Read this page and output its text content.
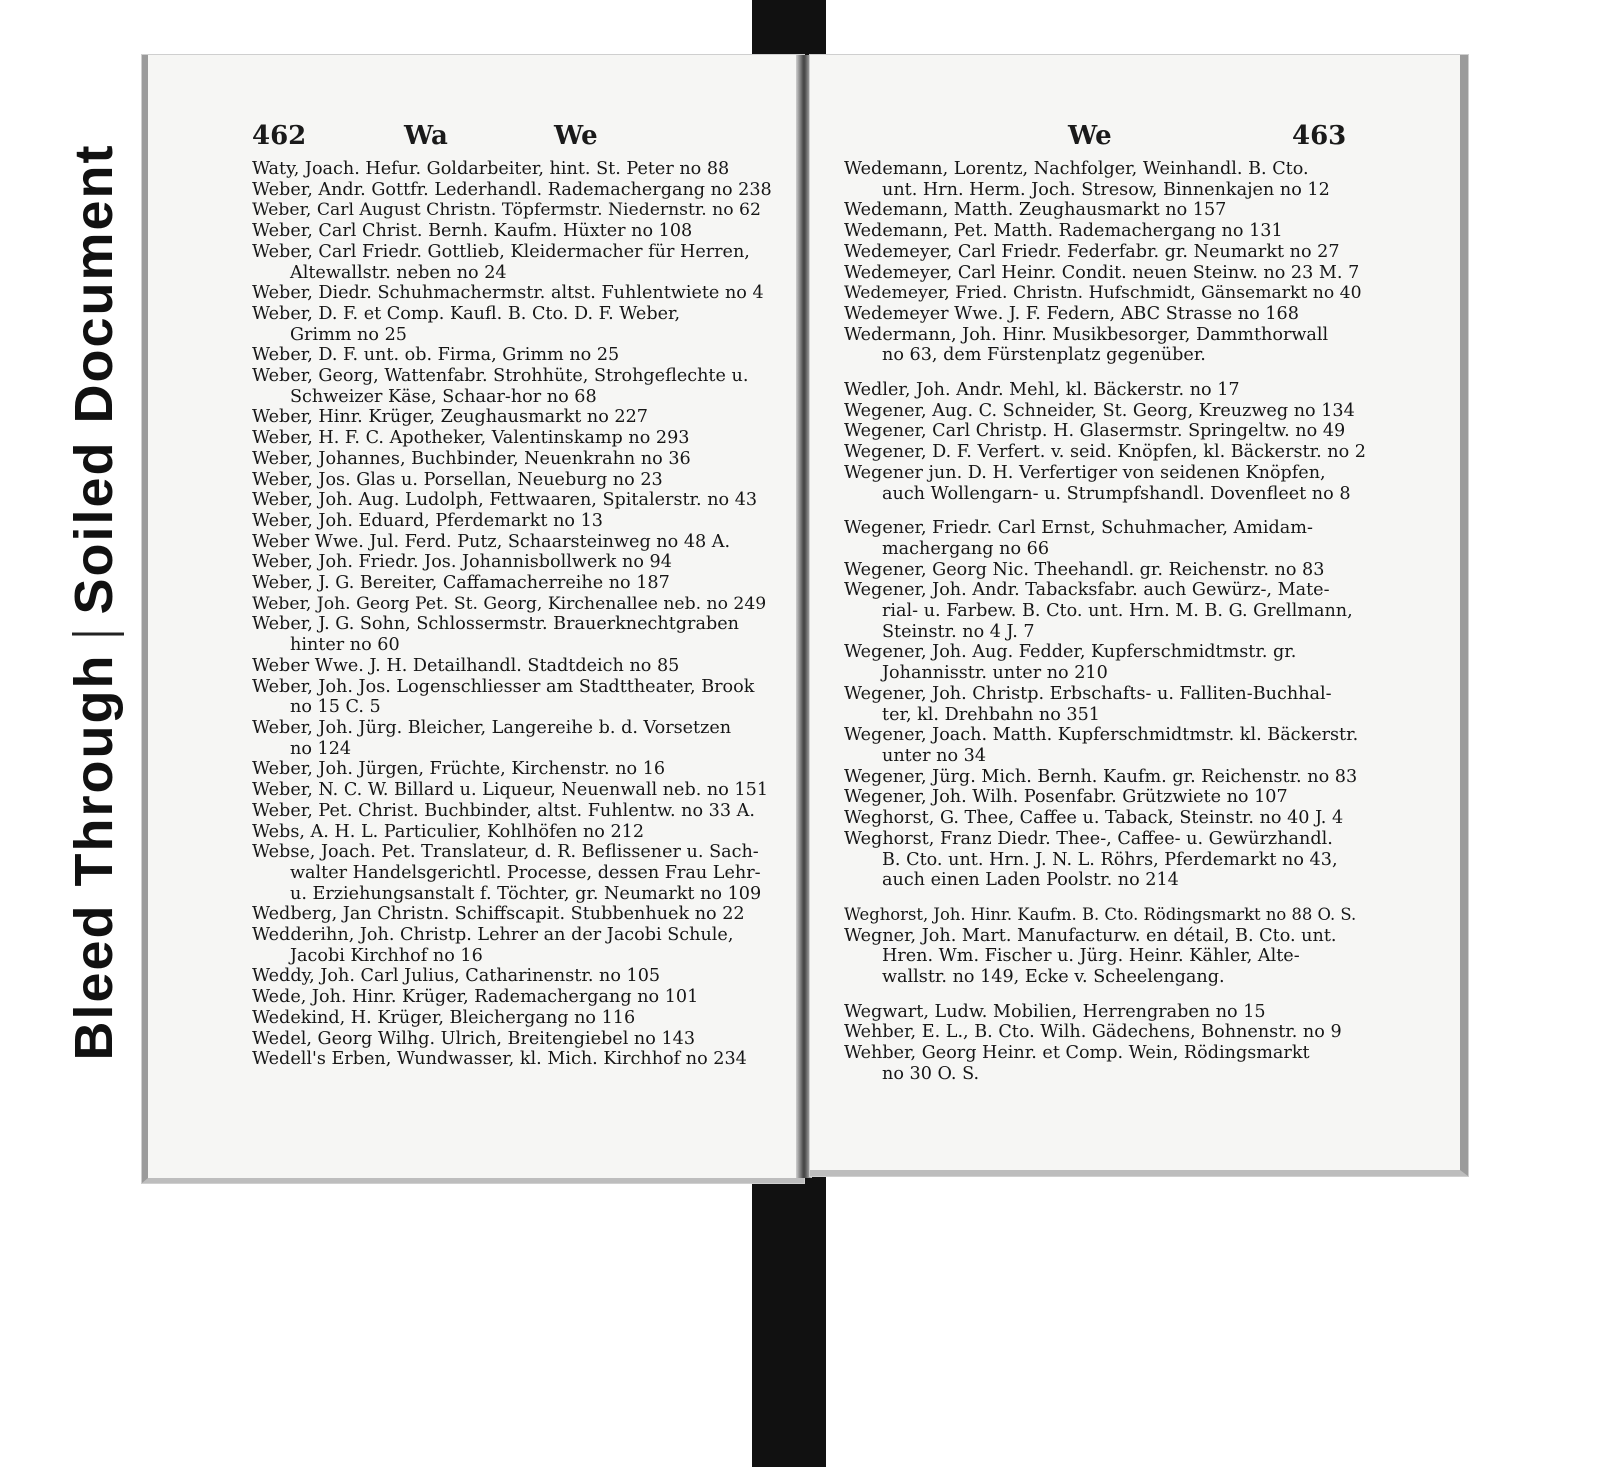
Bleed ThroughSoiled Document
462	Wa	We
Waty, Joach. Hefur. Goldarbeiter, hint. St. Peter no 88
Weber, Andr. Gottfr. Lederhandl. Rademachergang no 238
Weber, Carl August Christn. Töpfermstr. Niedernstr. no 62
Weber, Carl Christ. Bernh. Kaufm. Hüxter no 108
Weber, Carl Friedr. Gottlieb, Kleidermacher für Herren,
Altewallstr. neben no 24
Weber, Diedr. Schuhmachermstr. altst. Fuhlentwiete no 4
Weber, D. F. et Comp. Kaufl. B. Cto. D. F. Weber,
Grimm no 25
Weber, D. F. unt. ob. Firma, Grimm no 25
Weber, Georg, Wattenfabr. Strohhüte, Strohgeflechte u.
Schweizer Käse, Schaar-hor no 68
Weber, Hinr. Krüger, Zeughausmarkt no 227
Weber, H. F. C. Apotheker, Valentinskamp no 293
Weber, Johannes, Buchbinder, Neuenkrahn no 36
Weber, Jos. Glas u. Porsellan, Neueburg no 23
Weber, Joh. Aug. Ludolph, Fettwaaren, Spitalerstr. no 43
Weber, Joh. Eduard, Pferdemarkt no 13
Weber Wwe. Jul. Ferd. Putz, Schaarsteinweg no 48 A.
Weber, Joh. Friedr. Jos. Johannisbollwerk no 94
Weber, J. G. Bereiter, Caffamacherreihe no 187
Weber, Joh. Georg Pet. St. Georg, Kirchenallee neb. no 249
Weber, J. G. Sohn, Schlossermstr. Brauerknechtgraben
hinter no 60
Weber Wwe. J. H. Detailhandl. Stadtdeich no 85
Weber, Joh. Jos. Logenschliesser am Stadttheater, Brook
no 15 C. 5
Weber, Joh. Jürg. Bleicher, Langereihe b. d. Vorsetzen
no 124
Weber, Joh. Jürgen, Früchte, Kirchenstr. no 16
Weber, N. C. W. Billard u. Liqueur, Neuenwall neb. no 151
Weber, Pet. Christ. Buchbinder, altst. Fuhlentw. no 33 A.
Webs, A. H. L. Particulier, Kohlhöfen no 212
Webse, Joach. Pet. Translateur, d. R. Beflissener u. Sach-
walter Handelsgerichtl. Processe, dessen Frau Lehr-
u. Erziehungsanstalt f. Töchter, gr. Neumarkt no 109
Wedberg, Jan Christn. Schiffscapit. Stubbenhuek no 22
Wedderihn, Joh. Christp. Lehrer an der Jacobi Schule,
Jacobi Kirchhof no 16
Weddy, Joh. Carl Julius, Catharinenstr. no 105
Wede, Joh. Hinr. Krüger, Rademachergang no 101
Wedekind, H. Krüger, Bleichergang no 116
Wedel, Georg Wilhg. Ulrich, Breitengiebel no 143
Wedell's Erben, Wundwasser, kl. Mich. Kirchhof no 234
We	463
Wedemann, Lorentz, Nachfolger, Weinhandl. B. Cto.
unt. Hrn. Herm. Joch. Stresow, Binnenkajen no 12
Wedemann, Matth. Zeughausmarkt no 157
Wedemann, Pet. Matth. Rademachergang no 131
Wedemeyer, Carl Friedr. Federfabr. gr. Neumarkt no 27
Wedemeyer, Carl Heinr. Condit. neuen Steinw. no 23 M. 7
Wedemeyer, Fried. Christn. Hufschmidt, Gänsemarkt no 40
Wedemeyer Wwe. J. F. Federn, ABC Strasse no 168
Wedermann, Joh. Hinr. Musikbesorger, Dammthorwall
no 63, dem Fürstenplatz gegenüber.
Wedler, Joh. Andr. Mehl, kl. Bäckerstr. no 17
Wegener, Aug. C. Schneider, St. Georg, Kreuzweg no 134
Wegener, Carl Christp. H. Glasermstr. Springeltw. no 49
Wegener, D. F. Verfert. v. seid. Knöpfen, kl. Bäckerstr. no 2
Wegener jun. D. H. Verfertiger von seidenen Knöpfen,
auch Wollengarn- u. Strumpfshandl. Dovenfleet no 8
Wegener, Friedr. Carl Ernst, Schuhmacher, Amidam-
machergang no 66
Wegener, Georg Nic. Theehandl. gr. Reichenstr. no 83
Wegener, Joh. Andr. Tabacksfabr. auch Gewürz-, Mate-
rial- u. Farbew. B. Cto. unt. Hrn. M. B. G. Grellmann,
Steinstr. no 4 J. 7
Wegener, Joh. Aug. Fedder, Kupferschmidtmstr. gr.
Johannisstr. unter no 210
Wegener, Joh. Christp. Erbschafts- u. Falliten-Buchhal-
ter, kl. Drehbahn no 351
Wegener, Joach. Matth. Kupferschmidtmstr. kl. Bäckerstr.
unter no 34
Wegener, Jürg. Mich. Bernh. Kaufm. gr. Reichenstr. no 83
Wegener, Joh. Wilh. Posenfabr. Grützwiete no 107
Weghorst, G. Thee, Caffee u. Taback, Steinstr. no 40 J. 4
Weghorst, Franz Diedr. Thee-, Caffee- u. Gewürzhandl.
B. Cto. unt. Hrn. J. N. L. Röhrs, Pferdemarkt no 43,
auch einen Laden Poolstr. no 214
Weghorst, Joh. Hinr. Kaufm. B. Cto. Rödingsmarkt no 88 O. S.
Wegner, Joh. Mart. Manufacturw. en détail, B. Cto. unt.
Hren. Wm. Fischer u. Jürg. Heinr. Kähler, Alte-
wallstr. no 149, Ecke v. Scheelengang.
Wegwart, Ludw. Mobilien, Herrengraben no 15
Wehber, E. L., B. Cto. Wilh. Gädechens, Bohnenstr. no 9
Wehber, Georg Heinr. et Comp. Wein, Rödingsmarkt
no 30 O. S.
